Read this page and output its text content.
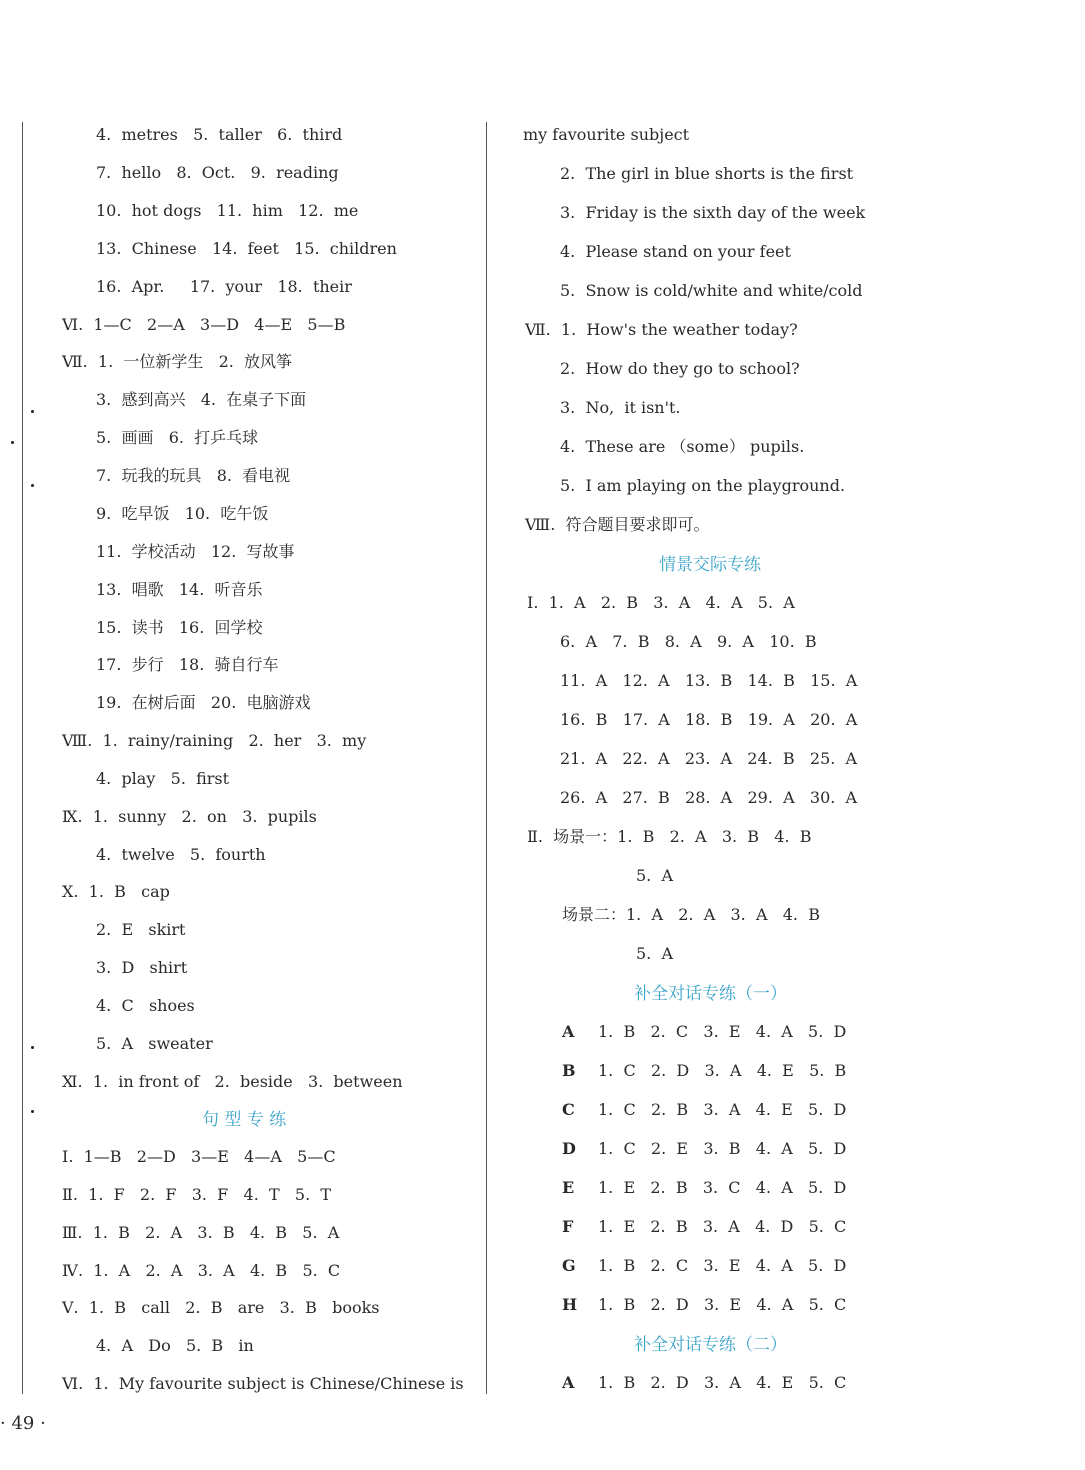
4.  metres   5.  taller   6.  third
7.  hello   8.  Oct.   9.  reading
10.  hot dogs   11.  him   12.  me
13.  Chinese   14.  feet   15.  children
16.  Apr.     17.  your   18.  their
Ⅵ.  1—C   2—A   3—D   4—E   5—B
Ⅶ.  1.  一位新学生   2.  放风筝
3.  感到高兴   4.  在桌子下面
5.  画画   6.  打乒乓球
7.  玩我的玩具   8.  看电视
9.  吃早饭   10.  吃午饭
11.  学校活动   12.  写故事
13.  唱歌   14.  听音乐
15.  读书   16.  回学校
17.  步行   18.  骑自行车
19.  在树后面   20.  电脑游戏
Ⅷ.  1.  rainy/raining   2.  her   3.  my
4.  play   5.  first
Ⅸ.  1.  sunny   2.  on   3.  pupils
4.  twelve   5.  fourth
Ⅹ.  1.  B   cap
2.  E   skirt
3.  D   shirt
4.  C   shoes
5.  A   sweater
Ⅺ.  1.  in front of   2.  beside   3.  between
句 型 专 练
Ⅰ.  1—B   2—D   3—E   4—A   5—C
Ⅱ.  1.  F   2.  F   3.  F   4.  T   5.  T
Ⅲ.  1.  B   2.  A   3.  B   4.  B   5.  A
Ⅳ.  1.  A   2.  A   3.  A   4.  B   5.  C
Ⅴ.  1.  B   call   2.  B   are   3.  B   books
4.  A   Do   5.  B   in
Ⅵ.  1.  My favourite subject is Chinese/Chinese is
my favourite subject
2.  The girl in blue shorts is the first
3.  Friday is the sixth day of the week
4.  Please stand on your feet
5.  Snow is cold/white and white/cold
Ⅶ.  1.  How's the weather today?
2.  How do they go to school?
3.  No,  it isn't.
4.  These are （some） pupils.
5.  I am playing on the playground.
Ⅷ.  符合题目要求即可。
情景交际专练
Ⅰ.  1.  A   2.  B   3.  A   4.  A   5.  A
6.  A   7.  B   8.  A   9.  A   10.  B
11.  A   12.  A   13.  B   14.  B   15.  A
16.  B   17.  A   18.  B   19.  A   20.  A
21.  A   22.  A   23.  A   24.  B   25.  A
26.  A   27.  B   28.  A   29.  A   30.  A
Ⅱ.  场景一：1.  B   2.  A   3.  B   4.  B
5.  A
场景二：1.  A   2.  A   3.  A   4.  B
5.  A
补全对话专练（一）
A 1.  B   2.  C   3.  E   4.  A   5.  D
B 1.  C   2.  D   3.  A   4.  E   5.  B
C 1.  C   2.  B   3.  A   4.  E   5.  D
D 1.  C   2.  E   3.  B   4.  A   5.  D
E 1.  E   2.  B   3.  C   4.  A   5.  D
F 1.  E   2.  B   3.  A   4.  D   5.  C
G 1.  B   2.  C   3.  E   4.  A   5.  D
H 1.  B   2.  D   3.  E   4.  A   5.  C
补全对话专练（二）
A 1.  B   2.  D   3.  A   4.  E   5.  C
· 49 ·
